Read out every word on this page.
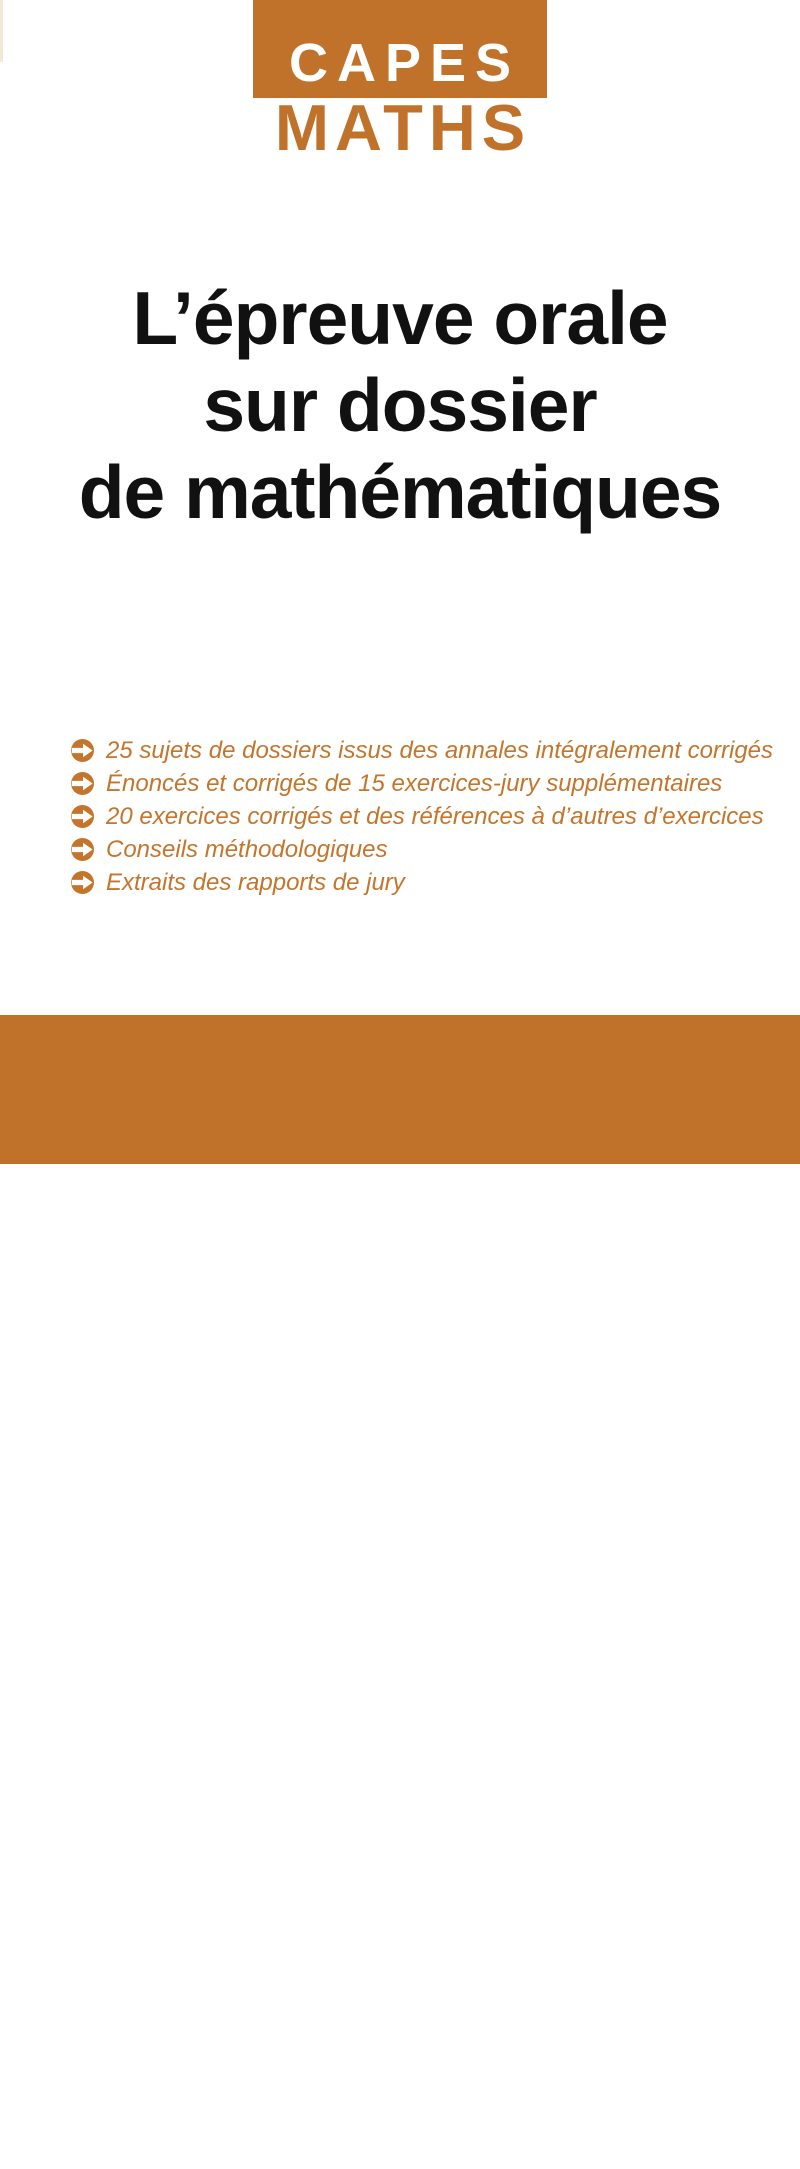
CAPES
MATHS
L’épreuve orale
sur dossier
de mathématiques
25 sujets de dossiers issus des annales intégralement corrigés
Énoncés et corrigés de 15 exercices-jury supplémentaires
20 exercices corrigés et des références à d’autres d’exercices
Conseils méthodologiques
Extraits des rapports de jury
Laurent Bretonnière
ellipses
